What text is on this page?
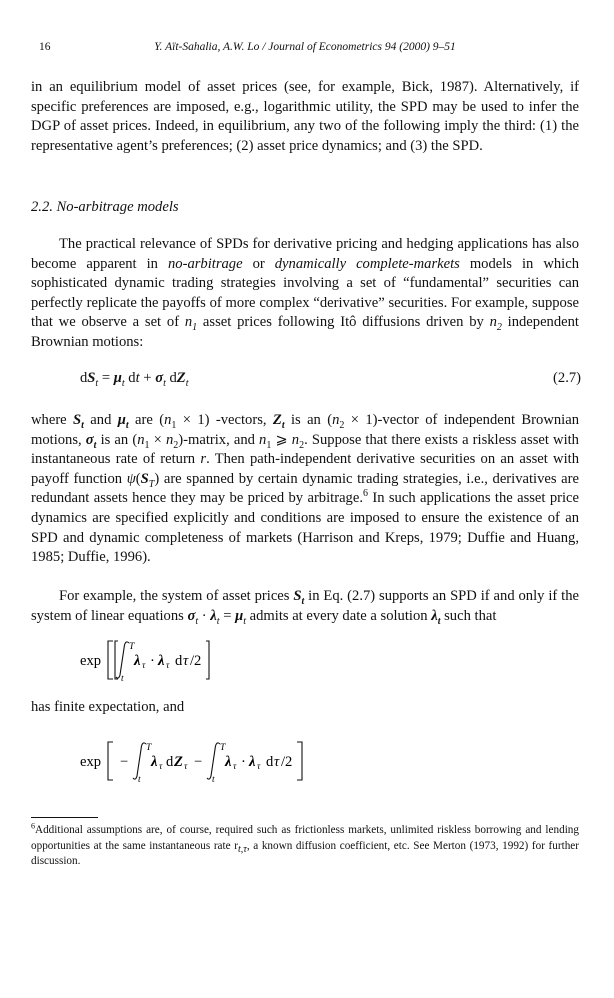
16	Y. Aït-Sahalia, A.W. Lo / Journal of Econometrics 94 (2000) 9–51

in an equilibrium model of asset prices (see, for example, Bick, 1987). Alternatively, if specific preferences are imposed, e.g., logarithmic utility, the SPD may be used to infer the DGP of asset prices. Indeed, in equilibrium, any two of the following imply the third: (1) the representative agent’s preferences; (2) asset price dynamics; and (3) the SPD.

2.2. No-arbitrage models

The practical relevance of SPDs for derivative pricing and hedging applications has also become apparent in no-arbitrage or dynamically complete-markets models in which sophisticated dynamic trading strategies involving a set of “fundamental” securities can perfectly replicate the payoffs of more complex “derivative” securities. For example, suppose that we observe a set of $n_1$ asset prices following Itô diffusions driven by $n_2$ independent Brownian motions:

$dS_t = \mu_t$ dt + $\sigma_t$ $dZ_t$	(2.7)

where $S_t$ and $\mu_t$ are $(n_1 \times 1)$ -vectors, $Z_t$ is an ($n_2$ × 1)-vector of independent Brownian motions, $\sigma_t$ is an ($n_1$ × $n_2$)-matrix, and $n_1$ ⩾ $n_2$. Suppose that there exists a riskless asset with instantaneous rate of return r. Then path-independent derivative securities on an asset with payoff function $\psi(S_T)$ are spanned by certain dynamic trading strategies, i.e., derivatives are redundant assets hence they may be priced by arbitrage.$^6$ In such applications the asset price dynamics are specified explicitly and conditions are imposed to ensure the existence of an SPD and dynamic completeness of markets (Harrison and Kreps, 1979; Duffie and Huang, 1985; Duffie, 1996).

For example, the system of asset prices $S_t$ in Eq. (2.7) supports an SPD if and only if the system of linear equations $\sigma_t \cdot \lambda_t = \mu_t$ admits at every date a solution $\lambda_t$ such that

exp
T
t
λ τ · λ τ d τ /2

has finite expectation, and

exp −
T
t
λ τ d Z τ −
T
t
λ τ · λ τ d τ /2

$^6$Additional assumptions are, of course, required such as frictionless markets, unlimited riskless borrowing and lending opportunities at the same instantaneous rate $r_{t,\tau}$, a known diffusion coefficient, etc. See Merton (1973, 1992) for further discussion.
